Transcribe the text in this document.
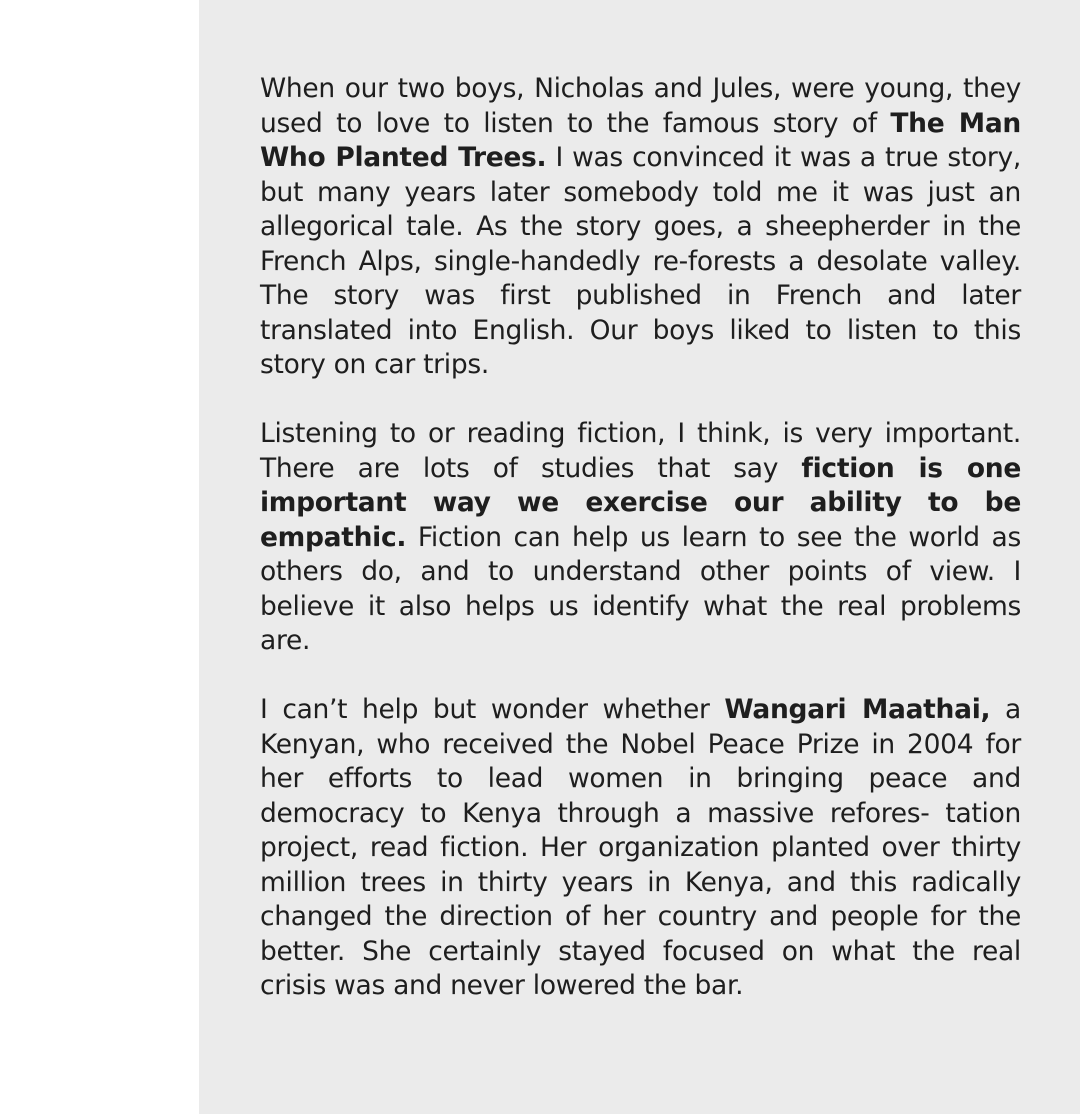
When our two boys, Nicholas and Jules, were young, they used to love to listen to the famous story of The Man Who Planted Trees. I was convinced it was a true story, but many years later somebody told me it was just an allegorical tale. As the story goes, a sheepherder in the French Alps, single-handedly re-forests a desolate valley. The story was first published in French and later translated into English. Our boys liked to listen to this story on car trips.

Listening to or reading fiction, I think, is very important. There are lots of studies that say fiction is one important way we exercise our ability to be empathic. Fiction can help us learn to see the world as others do, and to understand other points of view. I believe it also helps us identify what the real problems are.

I can’t help but wonder whether Wangari Maathai, a Kenyan, who received the Nobel Peace Prize in 2004 for her efforts to lead women in bringing peace and democracy to Kenya through a massive refores- tation project, read fiction. Her organization planted over thirty million trees in thirty years in Kenya, and this radically changed the direction of her country and people for the better. She certainly stayed focused on what the real crisis was and never lowered the bar.
